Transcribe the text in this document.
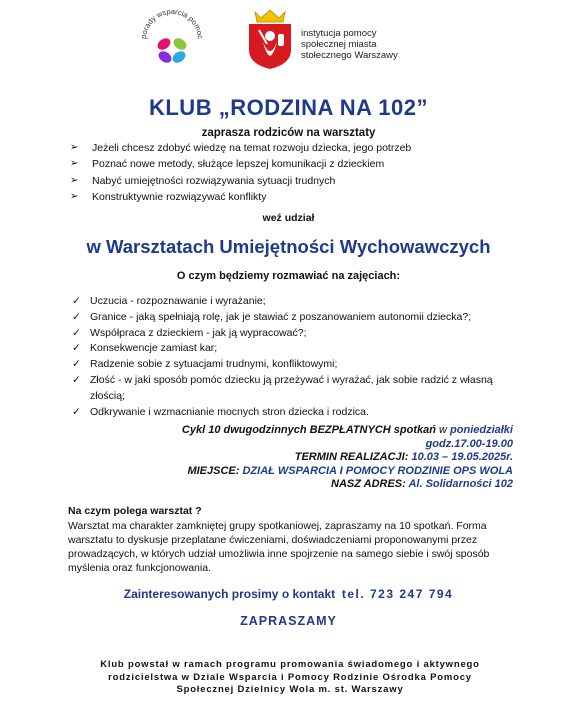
porady wsparcia pomoc	instytucja pomocy
społecznej miasta
stołecznego Warszawy
KLUB „RODZINA NA 102”
zaprasza rodziców na warsztaty
➢ Jeżeli chcesz zdobyć wiedzę na temat rozwoju dziecka, jego potrzeb
➢ Poznać nowe metody, służące lepszej komunikacji z dzieckiem
➢ Nabyć umiejętności rozwiązywania sytuacji trudnych
➢ Konstruktywnie rozwiązywać konflikty
weź udział
w Warsztatach Umiejętności Wychowawczych
O czym będziemy rozmawiać na zajęciach:
✓ Uczucia - rozpoznawanie i wyrażanie;
✓ Granice - jaką spełniają rolę, jak je stawiać z poszanowaniem autonomii dziecka?;
✓ Współpraca z dzieckiem - jak ją wypracować?;
✓ Konsekwencje zamiast kar;
✓ Radzenie sobie z sytuacjami trudnymi, konfliktowymi;
✓ Złość - w jaki sposób pomóc dziecku ją przeżywać i wyrażać, jak sobie radzić z własną złością;
✓ Odkrywanie i wzmacnianie mocnych stron dziecka i rodzica.
Cykl 10 dwugodzinnych BEZPŁATNYCH spotkań w poniedziałki
godz.17.00-19.00
TERMIN REALIZACJI: 10.03 – 19.05.2025r.
MIEJSCE: DZIAŁ WSPARCIA I POMOCY RODZINIE OPS WOLA
NASZ ADRES: Al. Solidarności 102
Na czym polega warsztat ?
Warsztat ma charakter zamkniętej grupy spotkaniowej, zapraszamy na 10 spotkań. Forma warsztatu to dyskusje przeplatane ćwiczeniami, doświadczeniami proponowanymi przez prowadzących, w których udział umożliwia inne spojrzenie na samego siebie i swój sposób myślenia oraz funkcjonowania.
Zainteresowanych prosimy o kontakt tel. 723 247 794
ZAPRASZAMY
Klub powstał w ramach programu promowania świadomego i aktywnego rodzicielstwa w Dziale Wsparcia i Pomocy Rodzinie Ośrodka Pomocy Społecznej Dzielnicy Wola m. st. Warszawy
